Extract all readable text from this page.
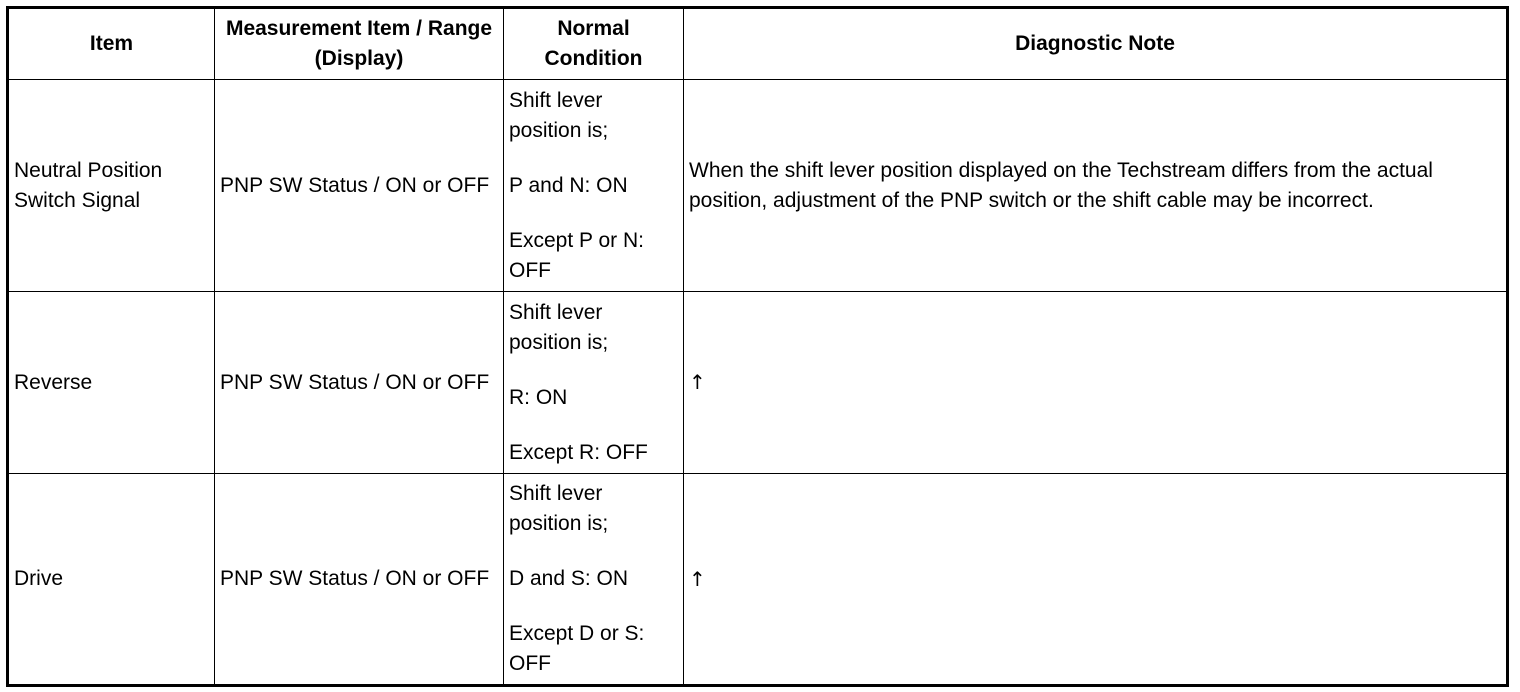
Item	Measurement Item / Range (Display)	Normal Condition	Diagnostic Note
Neutral Position Switch Signal	PNP SW Status / ON or OFF	Shift lever position is;

P and N: ON

Except P or N: OFF	When the shift lever position displayed on the Techstream differs from the actual position, adjustment of the PNP switch or the shift cable may be incorrect.
Reverse	PNP SW Status / ON or OFF	Shift lever position is;

R: ON

Except R: OFF	↑
Drive	PNP SW Status / ON or OFF	Shift lever position is;

D and S: ON

Except D or S: OFF	↑
